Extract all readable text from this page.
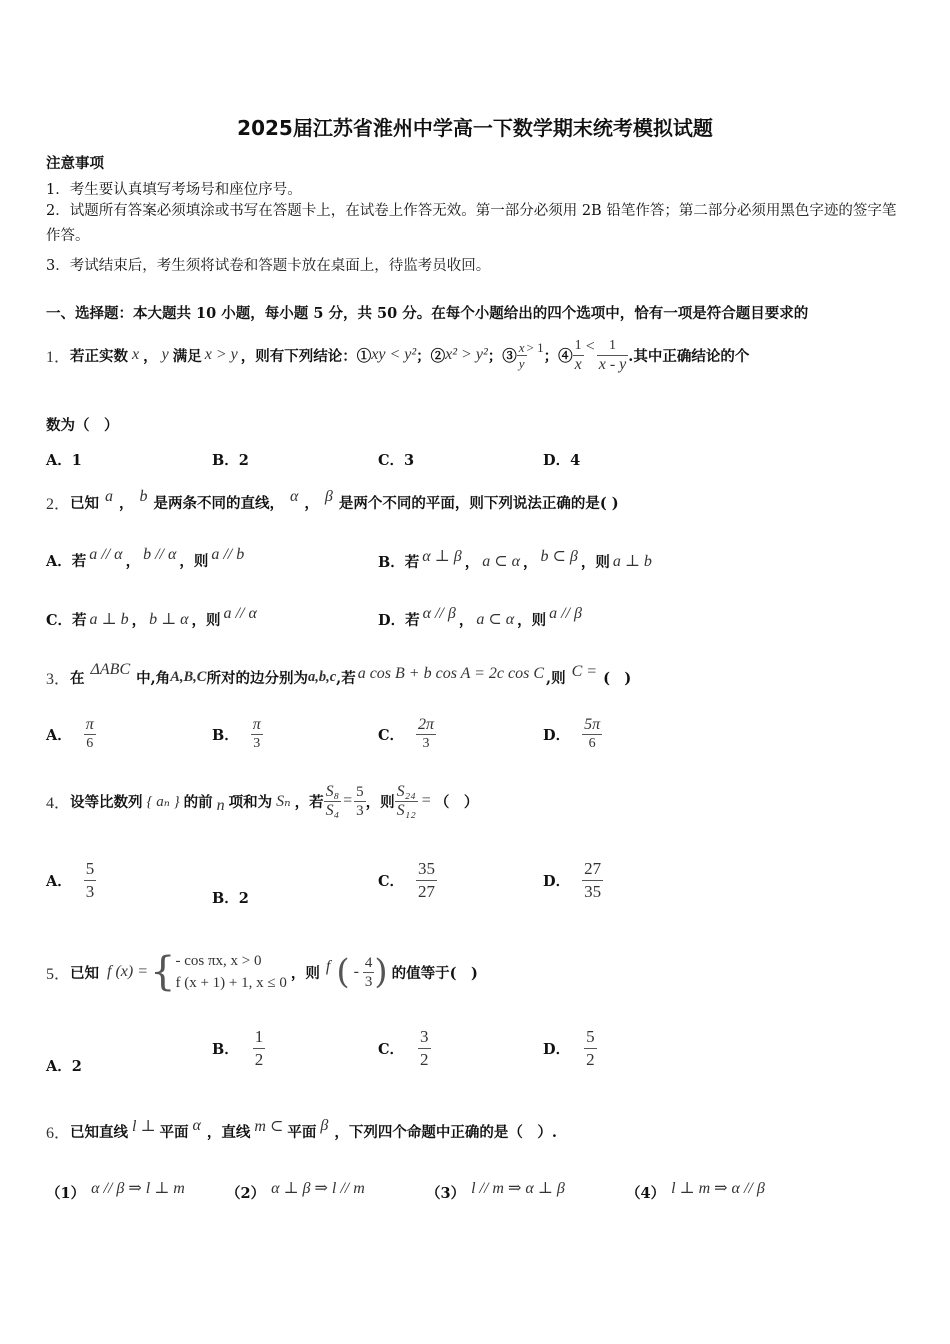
2025届江苏省淮州中学高一下数学期末统考模拟试题
注意事项
1．考生要认真填写考场号和座位序号。
2．试题所有答案必须填涂或书写在答题卡上，在试卷上作答无效。第一部分必须用 2B 铅笔作答；第二部分必须用黑色字迹的签字笔作答。
3．考试结束后，考生须将试卷和答题卡放在桌面上，待监考员收回。
一、选择题：本大题共 10 小题，每小题 5 分，共 50 分。在每个小题给出的四个选项中，恰有一项是符合题目要求的
1． 若正实数 x ， y 满足 x > y ，则有下列结论：① xy < y² ；② x² > y² ；③ $\frac{x}{y} > 1$ ；④ $\frac{1}{x} < \frac{1}{x - y}$ .其中正确结论的个
数为（　）
A．1	B．2	C．3	D．4
2． 已知 a ， b 是两条不同的直线， α ， β 是两个不同的平面，则下列说法正确的是( )
A．若 a // α ， b // α ，则 a // b	B．若 α ⊥ β ， a ⊂ α ， b ⊂ β ，则 a ⊥ b
C．若 a ⊥ b ， b ⊥ α ，则 a // α	D．若 α // β ， a ⊂ α ，则 a // β
3． 在 ΔABC 中,角 A,B,C 所对的边分别为 a,b,c ,若 a cos B + b cos A = 2c cos C ,则 C = (　)
A． $\frac{\pi}{6}$	B． $\frac{\pi}{3}$	C． $\frac{2\pi}{3}$	D． $\frac{5\pi}{6}$
4． 设等比数列 { aₙ } 的前 n 项和为 Sₙ ，若 $\frac{\text{S₈}}{\text{S₄}} = \frac{5}{3}$ ，则 $\frac{\text{S₂₄}}{\text{S₁₂}}$ = （　）
A． $\frac{5}{3}$	B．2
C． $\frac{35}{27}$	D． $\frac{27}{35}$
5． 已知 f (x) = { - cos πx, x > 0
f (x + 1) + 1, x ≤ 0
，则 f ( - $\frac{4}{3}$ ) 的值等于(　)
A．2
B． $\frac{1}{2}$	C． $\frac{3}{2}$	D． $\frac{5}{2}$
6． 已知直线 l ⊥ 平面 α ，直线 m ⊂ 平面 β ，下列四个命题中正确的是（　）.
（1） α // β ⇒ l ⊥ m	（2） α ⊥ β ⇒ l // m	（3） l // m ⇒ α ⊥ β	（4） l ⊥ m ⇒ α // β
